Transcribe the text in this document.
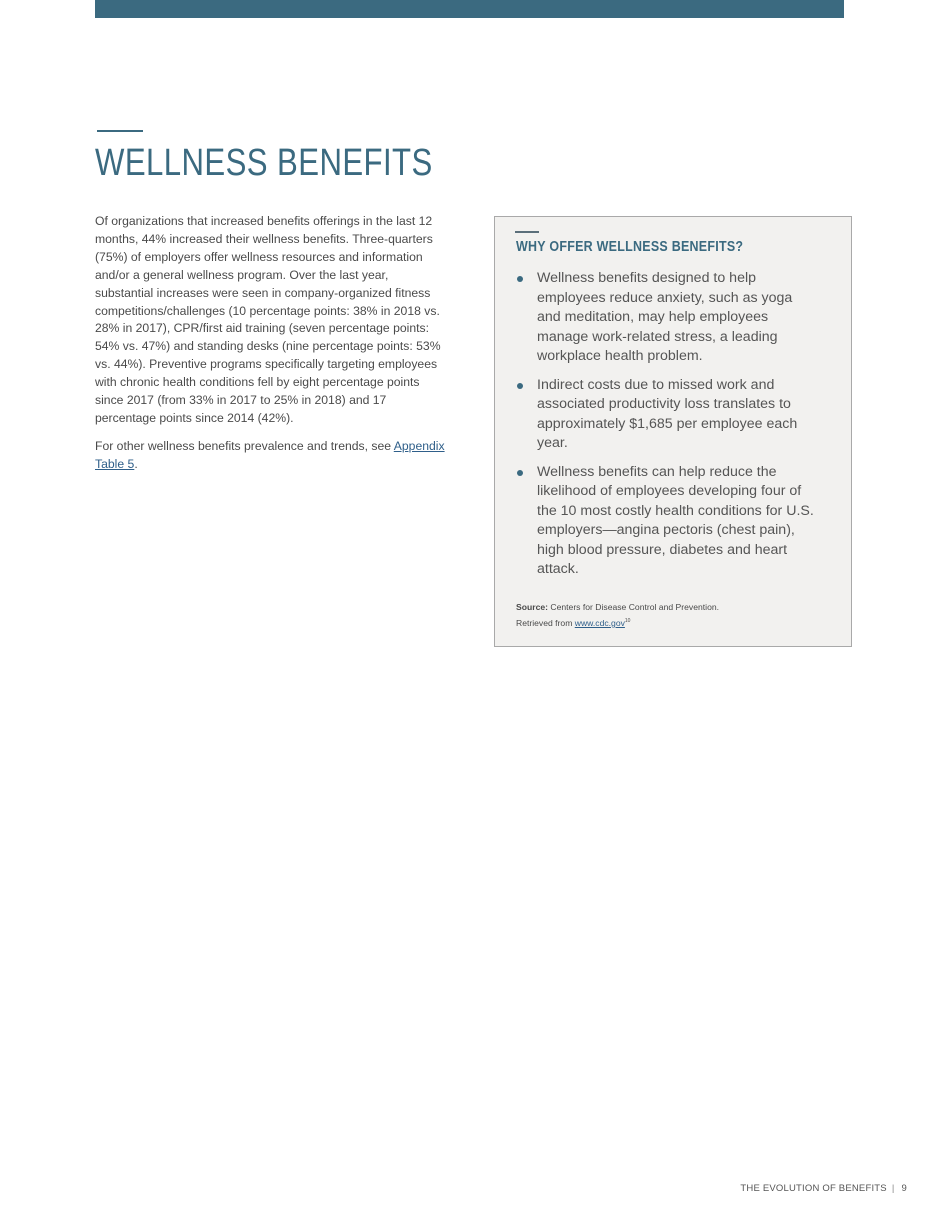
WELLNESS BENEFITS

Of organizations that increased benefits offerings in the last 12 months, 44% increased their wellness benefits. Three-quarters (75%) of employers offer wellness resources and information and/or a general wellness program. Over the last year, substantial increases were seen in company-organized fitness competitions/challenges (10 percentage points: 38% in 2018 vs. 28% in 2017), CPR/first aid training (seven percentage points: 54% vs. 47%) and standing desks (nine percentage points: 53% vs. 44%). Preventive programs specifically targeting employees with chronic health conditions fell by eight percentage points since 2017 (from 33% in 2017 to 25% in 2018) and 17 percentage points since 2014 (42%).

For other wellness benefits prevalence and trends, see Appendix Table 5.

WHY OFFER WELLNESS BENEFITS?
Wellness benefits designed to help employees reduce anxiety, such as yoga and meditation, may help employees manage work-related stress, a leading workplace health problem.
Indirect costs due to missed work and associated productivity loss translates to approximately $1,685 per employee each year.
Wellness benefits can help reduce the likelihood of employees developing four of the 10 most costly health conditions for U.S. employers—angina pectoris (chest pain), high blood pressure, diabetes and heart attack.
Source: Centers for Disease Control and Prevention.
Retrieved from www.cdc.gov$^{10}$
THE EVOLUTION OF BENEFITS | 9
